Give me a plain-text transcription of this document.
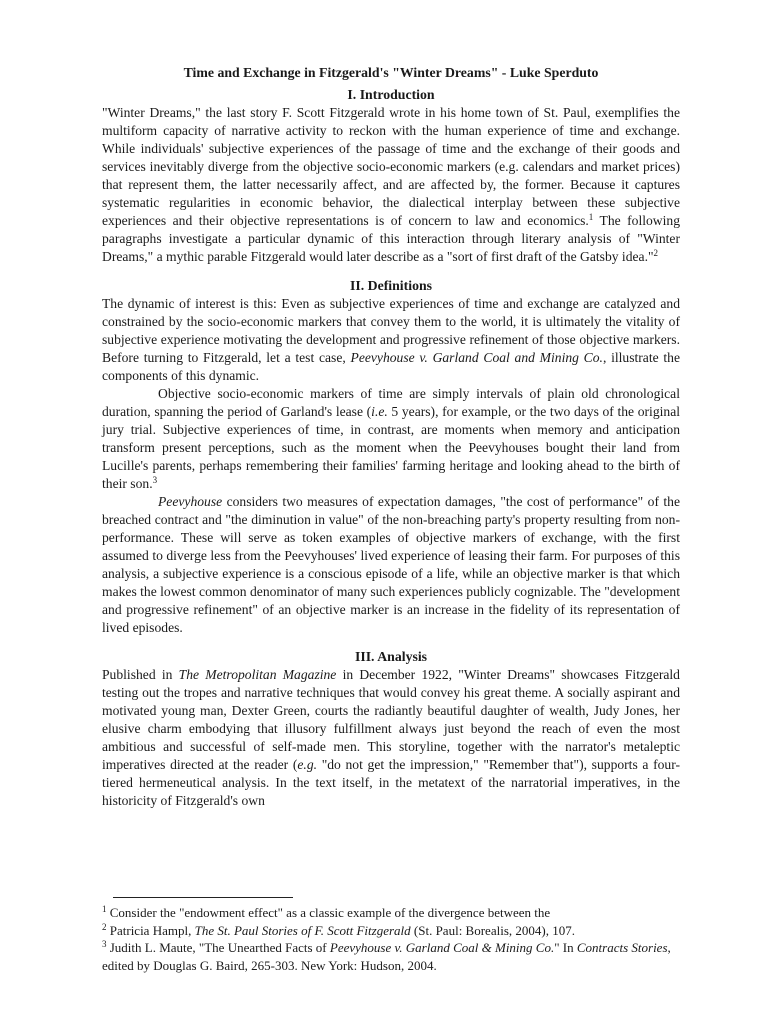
Time and Exchange in Fitzgerald's "Winter Dreams" - Luke Sperduto

I. Introduction

"Winter Dreams," the last story F. Scott Fitzgerald wrote in his home town of St. Paul, exemplifies the multiform capacity of narrative activity to reckon with the human experience of time and exchange. While individuals' subjective experiences of the passage of time and the exchange of their goods and services inevitably diverge from the objective socio-economic markers (e.g. calendars and market prices) that represent them, the latter necessarily affect, and are affected by, the former. Because it captures systematic regularities in economic behavior, the dialectical interplay between these subjective experiences and their objective representations is of concern to law and economics.$^1$ The following paragraphs investigate a particular dynamic of this interaction through literary analysis of "Winter Dreams," a mythic parable Fitzgerald would later describe as a "sort of first draft of the Gatsby idea."$^2$

II. Definitions

The dynamic of interest is this: Even as subjective experiences of time and exchange are catalyzed and constrained by the socio-economic markers that convey them to the world, it is ultimately the vitality of subjective experience motivating the development and progressive refinement of those objective markers. Before turning to Fitzgerald, let a test case, Peevyhouse v. Garland Coal and Mining Co., illustrate the components of this dynamic.

Objective socio-economic markers of time are simply intervals of plain old chronological duration, spanning the period of Garland's lease (i.e. 5 years), for example, or the two days of the original jury trial. Subjective experiences of time, in contrast, are moments when memory and anticipation transform present perceptions, such as the moment when the Peevyhouses bought their land from Lucille's parents, perhaps remembering their families' farming heritage and looking ahead to the birth of their son.$^3$

Peevyhouse considers two measures of expectation damages, "the cost of performance" of the breached contract and "the diminution in value" of the non-breaching party's property resulting from non-performance. These will serve as token examples of objective markers of exchange, with the first assumed to diverge less from the Peevyhouses' lived experience of leasing their farm. For purposes of this analysis, a subjective experience is a conscious episode of a life, while an objective marker is that which makes the lowest common denominator of many such experiences publicly cognizable. The "development and progressive refinement" of an objective marker is an increase in the fidelity of its representation of lived episodes.

III. Analysis

Published in The Metropolitan Magazine in December 1922, "Winter Dreams" showcases Fitzgerald testing out the tropes and narrative techniques that would convey his great theme. A socially aspirant and motivated young man, Dexter Green, courts the radiantly beautiful daughter of wealth, Judy Jones, her elusive charm embodying that illusory fulfillment always just beyond the reach of even the most ambitious and successful of self-made men. This storyline, together with the narrator's metaleptic imperatives directed at the reader (e.g. "do not get the impression," "Remember that"), supports a four-tiered hermeneutical analysis. In the text itself, in the metatext of the narratorial imperatives, in the historicity of Fitzgerald's own

$^1$ Consider the "endowment effect" as a classic example of the divergence between the

$^2$ Patricia Hampl, The St. Paul Stories of F. Scott Fitzgerald (St. Paul: Borealis, 2004), 107.

$^3$ Judith L. Maute, "The Unearthed Facts of Peevyhouse v. Garland Coal & Mining Co." In Contracts Stories, edited by Douglas G. Baird, 265-303. New York: Hudson, 2004.
